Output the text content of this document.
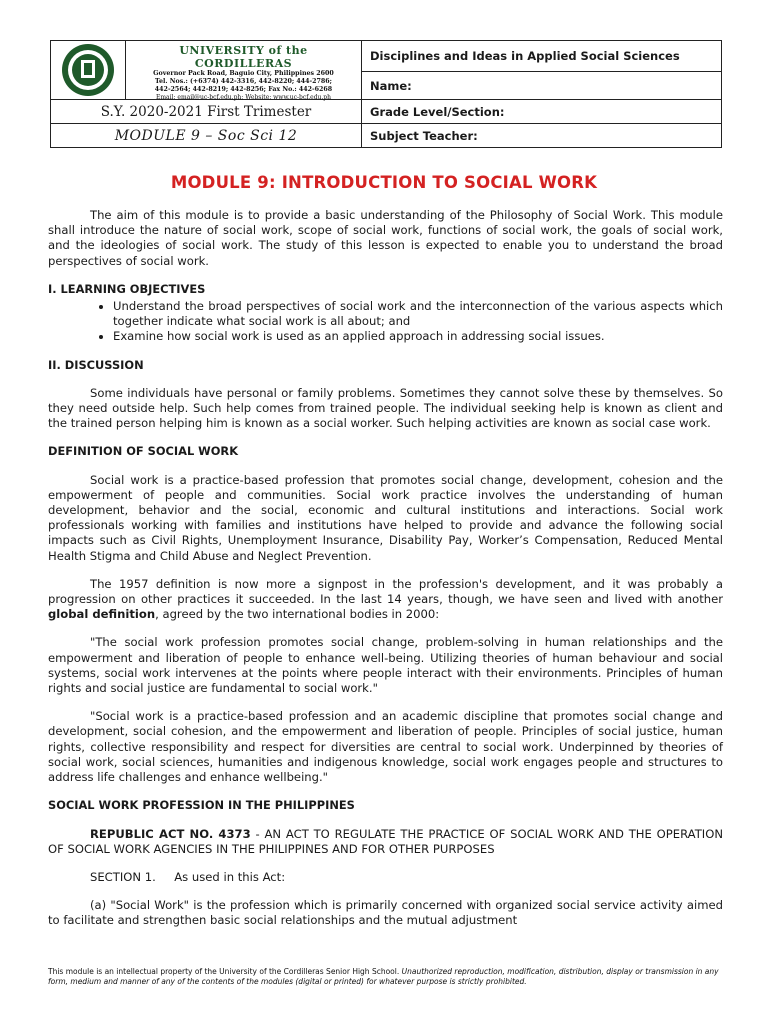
UNIVERSITY of the CORDILLERAS
Governor Pack Road, Baguio City, Philippines 2600
Tel. Nos.: (+6374) 442-3316, 442-8220; 444-2786;
442-2564; 442-8219; 442-8256; Fax No.: 442-6268
Email: email@uc-bcf.edu.ph; Website: www.uc-bcf.edu.ph
S.Y. 2020-2021 First Trimester
MODULE 9 – Soc Sci 12
Disciplines and Ideas in Applied Social Sciences
Name:
Grade Level/Section:
Subject Teacher:
MODULE 9: INTRODUCTION TO SOCIAL WORK

The aim of this module is to provide a basic understanding of the Philosophy of Social Work. This module shall introduce the nature of social work, scope of social work, functions of social work, the goals of social work, and the ideologies of social work. The study of this lesson is expected to enable you to understand the broad perspectives of social work.

I. LEARNING OBJECTIVES
• Understand the broad perspectives of social work and the interconnection of the various aspects which together indicate what social work is all about; and
• Examine how social work is used as an applied approach in addressing social issues.
II. DISCUSSION

Some individuals have personal or family problems. Sometimes they cannot solve these by themselves. So they need outside help. Such help comes from trained people. The individual seeking help is known as client and the trained person helping him is known as a social worker. Such helping activities are known as social case work.

DEFINITION OF SOCIAL WORK

Social work is a practice-based profession that promotes social change, development, cohesion and the empowerment of people and communities. Social work practice involves the understanding of human development, behavior and the social, economic and cultural institutions and interactions. Social work professionals working with families and institutions have helped to provide and advance the following social impacts such as Civil Rights, Unemployment Insurance, Disability Pay, Worker’s Compensation, Reduced Mental Health Stigma and Child Abuse and Neglect Prevention.

The 1957 definition is now more a signpost in the profession's development, and it was probably a progression on other practices it succeeded. In the last 14 years, though, we have seen and lived with another global definition, agreed by the two international bodies in 2000:

"The social work profession promotes social change, problem-solving in human relationships and the empowerment and liberation of people to enhance well-being. Utilizing theories of human behaviour and social systems, social work intervenes at the points where people interact with their environments. Principles of human rights and social justice are fundamental to social work."

"Social work is a practice-based profession and an academic discipline that promotes social change and development, social cohesion, and the empowerment and liberation of people. Principles of social justice, human rights, collective responsibility and respect for diversities are central to social work. Underpinned by theories of social work, social sciences, humanities and indigenous knowledge, social work engages people and structures to address life challenges and enhance wellbeing."

SOCIAL WORK PROFESSION IN THE PHILIPPINES

REPUBLIC ACT NO. 4373 - AN ACT TO REGULATE THE PRACTICE OF SOCIAL WORK AND THE OPERATION OF SOCIAL WORK AGENCIES IN THE PHILIPPINES AND FOR OTHER PURPOSES

SECTION 1.     As used in this Act:

(a) "Social Work" is the profession which is primarily concerned with organized social service activity aimed to facilitate and strengthen basic social relationships and the mutual adjustment

This module is an intellectual property of the University of the Cordilleras Senior High School. Unauthorized reproduction, modification, distribution, display or transmission in any form, medium and manner of any of the contents of the modules (digital or printed) for whatever purpose is strictly prohibited.
